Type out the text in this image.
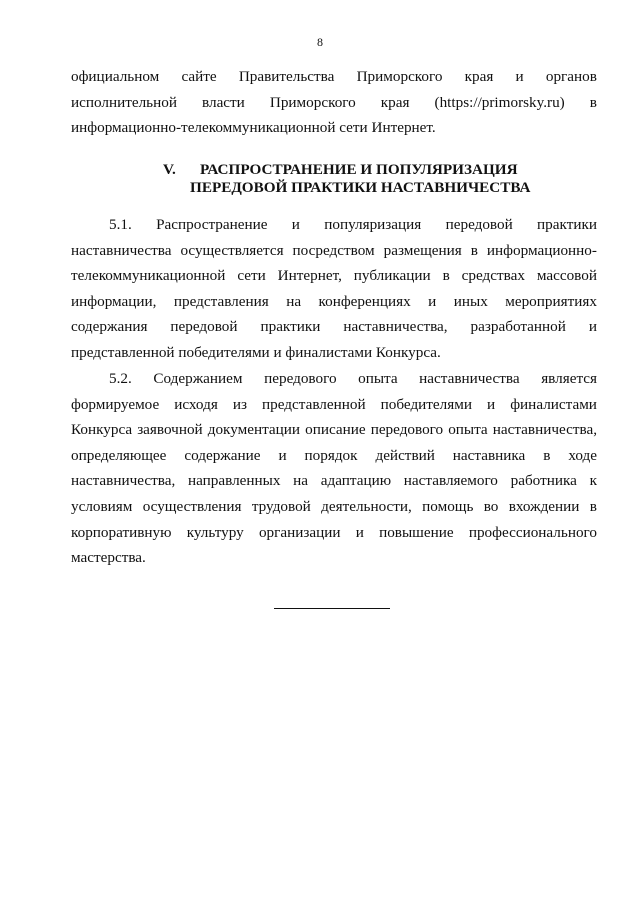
8
официальном сайте Правительства Приморского края и органов
исполнительной власти Приморского края (https://primorsky.ru) в
информационно-телекоммуникационной сети Интернет.
V. РАСПРОСТРАНЕНИЕ И ПОПУЛЯРИЗАЦИЯ
ПЕРЕДОВОЙ ПРАКТИКИ НАСТАВНИЧЕСТВА
5.1. Распространение и популяризация передовой практики
наставничества осуществляется посредством размещения в информационно-
телекоммуникационной сети Интернет, публикации в средствах массовой
информации, представления на конференциях и иных мероприятиях
содержания передовой практики наставничества, разработанной и
представленной победителями и финалистами Конкурса.
5.2. Содержанием передового опыта наставничества является
формируемое исходя из представленной победителями и финалистами
Конкурса заявочной документации описание передового опыта наставничества,
определяющее содержание и порядок действий наставника в ходе
наставничества, направленных на адаптацию наставляемого работника к
условиям осуществления трудовой деятельности, помощь во вхождении в
корпоративную культуру организации и повышение профессионального
мастерства.
